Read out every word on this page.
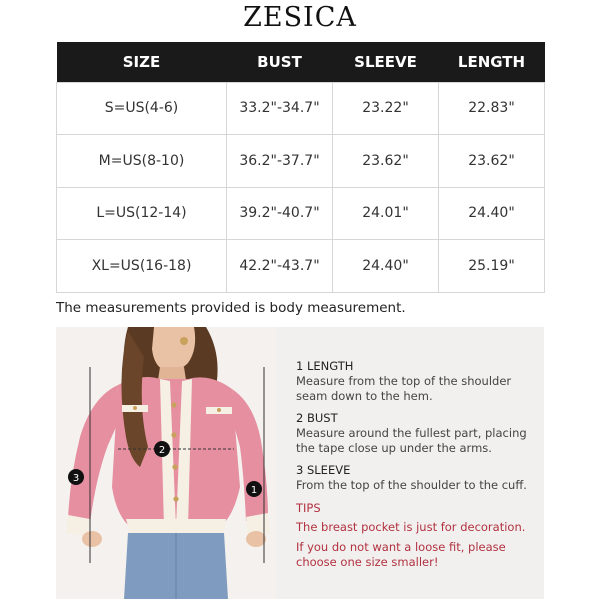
ZESICA
SIZE	BUST	SLEEVE	LENGTH
S=US(4-6)	33.2"-34.7"	23.22"	22.83"
M=US(8-10)	36.2"-37.7"	23.62"	23.62"
L=US(12-14)	39.2"-40.7"	24.01"	24.40"
XL=US(16-18)	42.2"-43.7"	24.40"	25.19"
The measurements provided is body measurement.
1
2
3
1 LENGTH
Measure from the top of the shoulder seam down to the hem.
2 BUST
Measure around the fullest part, placing the tape close up under the arms.
3 SLEEVE
From the top of the shoulder to the cuff.
TIPS
The breast pocket is just for decoration.
If you do not want a loose fit, please choose one size smaller!
